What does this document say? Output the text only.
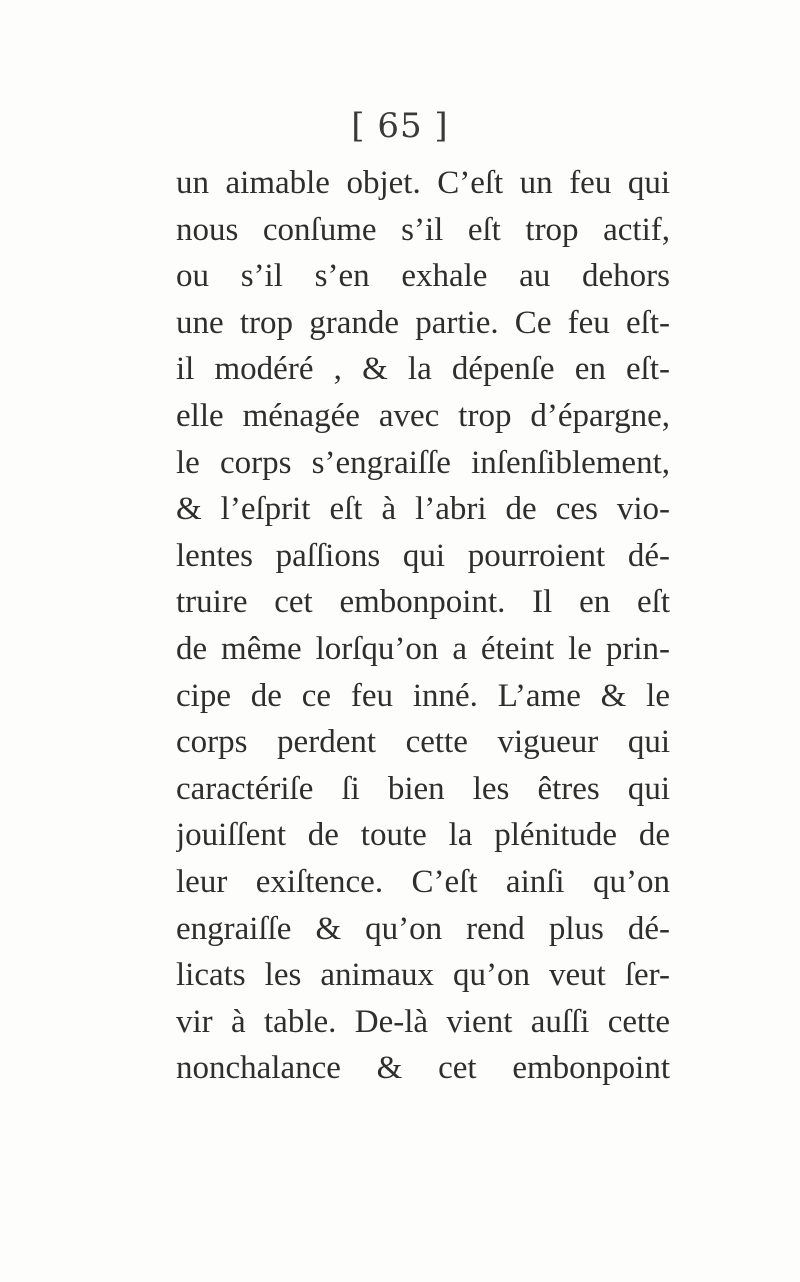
[ 65 ]
un aimable objet. C’eſt un feu qui
nous conſume s’il eſt trop actif,
ou s’il s’en exhale au dehors
une trop grande partie. Ce feu eſt-
il modéré , & la dépenſe en eſt-
elle ménagée avec trop d’épargne,
le corps s’engraiſſe inſenſiblement,
& l’eſprit eſt à l’abri de ces vio-
lentes paſſions qui pourroient dé-
truire cet embonpoint. Il en eſt
de même lorſqu’on a éteint le prin-
cipe de ce feu inné. L’ame & le
corps perdent cette vigueur qui
caractériſe ſi bien les êtres qui
jouiſſent de toute la plénitude de
leur exiſtence. C’eſt ainſi qu’on
engraiſſe & qu’on rend plus dé-
licats les animaux qu’on veut ſer-
vir à table. De-là vient auſſi cette
nonchalance & cet embonpoint
